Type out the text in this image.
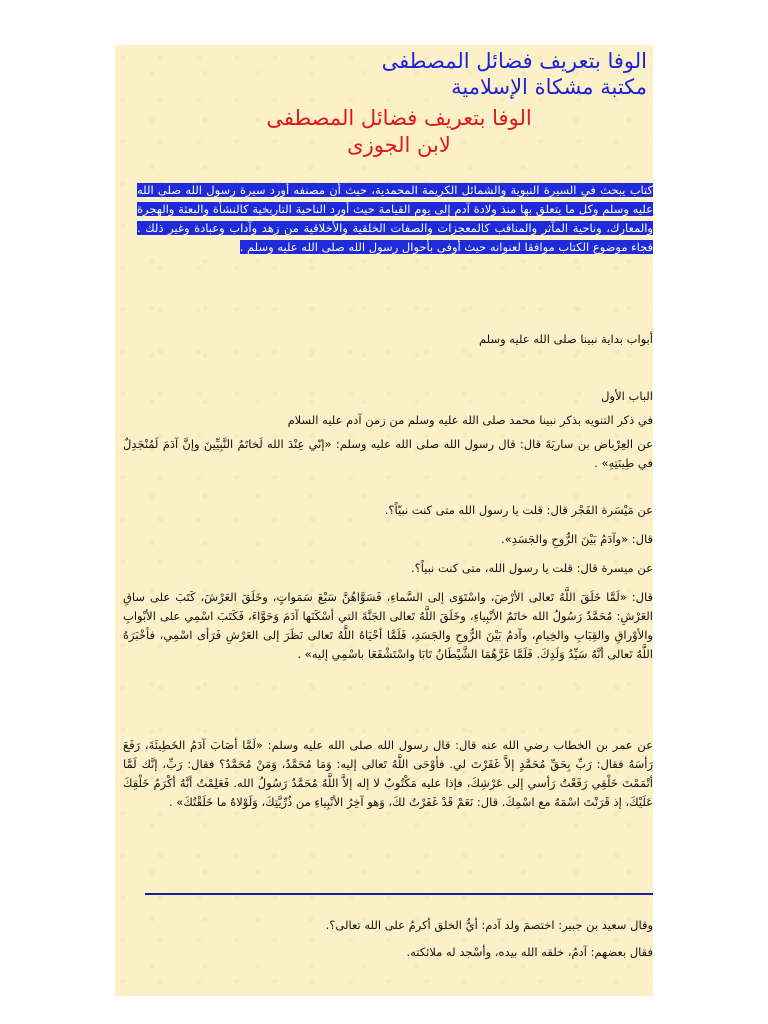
الوفا بتعريف فضائل المصطفى
مكتبة مشكاة الإسلامية
الوفا بتعريف فضائل المصطفى
لابن الجوزى
كتاب يبحث في السيرة النبوية والشمائل الكريمة المحمدية، حيث أن مصنفه أورد سيرة رسول الله صلى الله عليه وسلم وكل ما يتعلق بها منذ ولادة آدم إلى يوم القيامة حيث أورد الناحية التاريخية كالنشأة والبعثة والهجرة والمعارك، وناحية المآثر والمناقب كالمعجزات والصفات الخلقية والأخلاقية من زهد وآداب وعبادة وغير ذلك . فجاء موضوع الكتاب موافقا لعنوانه حيث أوفى بأحوال رسول الله صلى الله عليه وسلم .
أبواب بداية نبينا صلى الله عليه وسلم
الباب الأول
في ذكر التنويه بذكر نبينا محمد صلى الله عليه وسلم من زمن آدم عليه السلام
عن العِرْباض بن ساريَةَ قال: قال رسول الله صلى الله عليه وسلم: «إنّي عِنْدَ الله لَخاتَمُ النَّبِيِّينَ وإنَّ آدَمَ لَمُنْجَدِلٌ في طِينَتِهِ» .
عن مَيْسَرة الفَجْر قال: قلت يا رسول الله متى كنت نبيّاً؟.
قال: «وآدَمُ بَيْنَ الرُّوحِ والجَسَدِ».
عن ميسرة قال: قلت يا رسول الله، متى كنت نبياً؟.
قال: «لَمَّا خَلَقَ اللَّهُ تَعالى الأرْضَ، واسْتَوَى إلى السَّماءِ، فَسَوَّاهُنَّ سَبْعَ سَمَواتٍ، وخَلَقَ العَرْشَ، كَتَبَ على ساقِ العَرْشِ: مُحَمَّدٌ رَسُولُ الله خاتَمُ الأنْبِياءِ، وخَلَقَ اللَّهُ تَعالى الجَنَّةَ التي أسْكَنَها آدَمَ وَحَوَّاءَ، فَكَتَبَ اسْمِي على الأبْوابِ والأوْراقِ والقِبَابِ والخِيامِ، وآدمُ بَيْنَ الرُّوحِ والجَسَدِ، فَلَمَّا أحْيَاهُ اللَّهُ تَعالى نَظَرَ إلى العَرْشِ فَرَأى اسْمِي، فأخْبَرَهُ اللَّهُ تَعالى أنَّهُ سَيِّدُ وَلَدِكَ. فَلَمَّا غَرَّهُمَا الشَّيْطَانُ تَابَا واسْتَشْفَعَا باسْمِي إليه» .
عن عمر بن الخطاب رضي الله عنه قال: قال رسول الله صلى الله عليه وسلم: «لَمَّا أصَابَ آدَمُ الخَطِيئَةَ، رَفَعَ رَأسَهُ فقال: رَبِّ بِحَقِّ مُحَمَّدٍ إلاَّ غَفَرْتَ لي. فأوْحَى اللَّهُ تَعالى إليه: وَمَا مُحَمَّدٌ، وَمَنْ مُحَمَّدٌ؟ فقال: رَبِّ، إنَّك لَمَّا أتْمَمْتَ خَلْقِي رَفَعْتُ رَأسي إلى عَرْشِكَ، فإذا عليه مَكْتُوبٌ لا إله إلاَّ اللَّهُ مُحَمَّدٌ رَسُولُ الله. فَعَلِمْتُ أنَّهُ أكْرَمُ خَلْقِكَ عَلَيْكَ، إذ قَرَنْتَ اسْمَهُ مع اسْمِكَ. قال: نَعَمْ قَدْ غَفَرْتُ لكَ، وَهو آخِرُ الأنْبِياءِ من ذُرِّيَّتِكَ، وَلَوْلاهُ ما خَلَقْتُكَ» .
وقال سعيد بن جبير: اختصمَ ولد آدم: أيُّ الخلق أكرمُ على الله تعالى؟.
فقال بعضهم: آدمُ، خلقه الله بيده، وأسْجد له ملائكته.
